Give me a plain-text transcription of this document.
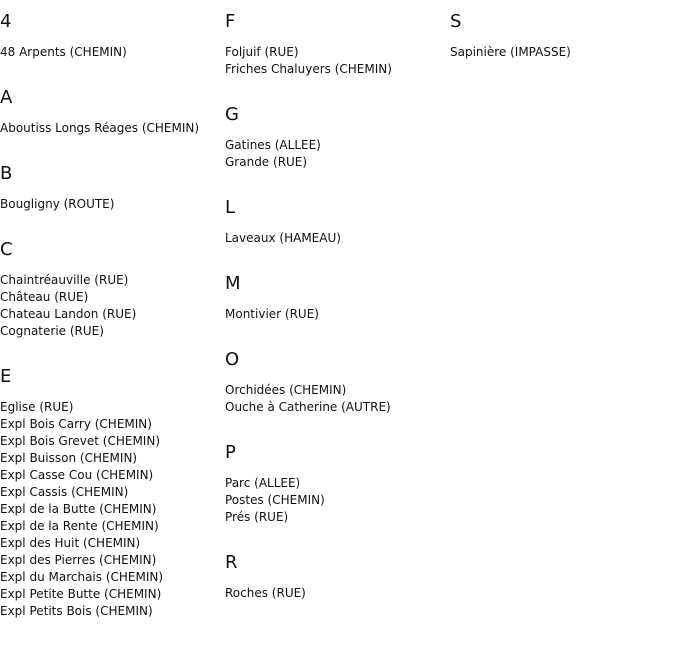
4
48 Arpents (CHEMIN)
A
Aboutiss Longs Réages (CHEMIN)
B
Bougligny (ROUTE)
C
Chaintréauville (RUE)
Château (RUE)
Chateau Landon (RUE)
Cognaterie (RUE)
E
Eglise (RUE)
Expl Bois Carry (CHEMIN)
Expl Bois Grevet (CHEMIN)
Expl Buisson (CHEMIN)
Expl Casse Cou (CHEMIN)
Expl Cassis (CHEMIN)
Expl de la Butte (CHEMIN)
Expl de la Rente (CHEMIN)
Expl des Huit (CHEMIN)
Expl des Pierres (CHEMIN)
Expl du Marchais (CHEMIN)
Expl Petite Butte (CHEMIN)
Expl Petits Bois (CHEMIN)
F
Foljuif (RUE)
Friches Chaluyers (CHEMIN)
G
Gatines (ALLEE)
Grande (RUE)
L
Laveaux (HAMEAU)
M
Montivier (RUE)
O
Orchidées (CHEMIN)
Ouche à Catherine (AUTRE)
P
Parc (ALLEE)
Postes (CHEMIN)
Prés (RUE)
R
Roches (RUE)
S
Sapinière (IMPASSE)
